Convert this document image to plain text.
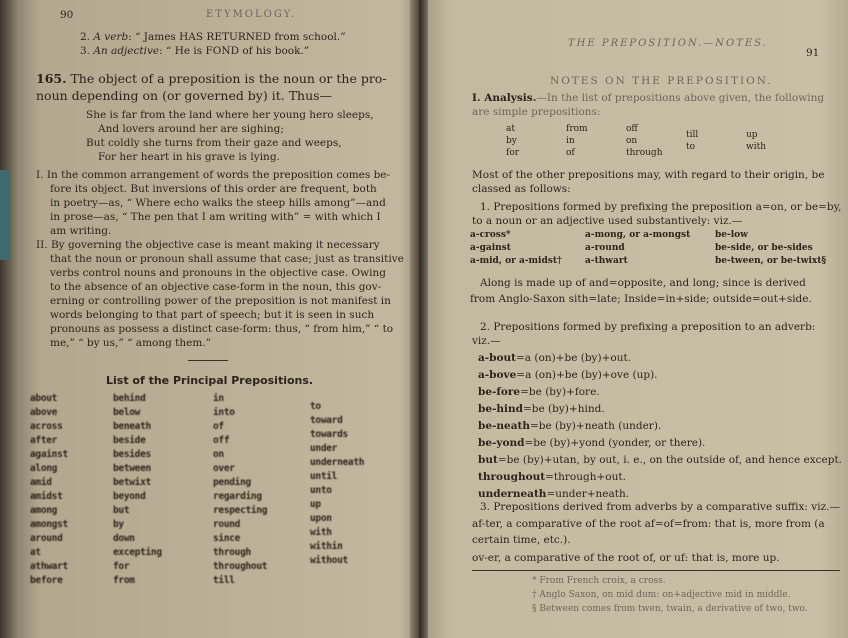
90	ETYMOLOGY.
2. A verb: “ James HAS RETURNED from school.”
3. An adjective: “ He is FOND of his book.”
165. The object of a preposition is the noun or the pro-
noun depending on (or governed by) it. Thus—
She is far from the land where her young hero sleeps,
And lovers around her are sighing;
But coldly she turns from their gaze and weeps,
For her heart in his grave is lying.
I. In the common arrangement of words the preposition comes be-
fore its object. But inversions of this order are frequent, both
in poetry—as, “ Where echo walks the steep hills among”—and
in prose—as, “ The pen that I am writing with” = with which I
am writing.
II. By governing the objective case is meant making it necessary
that the noun or pronoun shall assume that case; just as transitive
verbs control nouns and pronouns in the objective case. Owing
to the absence of an objective case-form in the noun, this gov-
erning or controlling power of the preposition is not manifest in
words belonging to that part of speech; but it is seen in such
pronouns as possess a distinct case-form: thus, “ from him,” “ to
me,” “ by us,” “ among them.”
List of the Principal Prepositions.
about
above
across
after
against
along
amid
amidst
among
amongst
around
at
athwart
before
behind
below
beneath
beside
besides
between
betwixt
beyond
but
by
down
excepting
for
from
in
into
of
off
on
over
pending
regarding
respecting
round
since
through
throughout
till
to
toward
towards
under
underneath
until
unto
up
upon
with
within
without
THE PREPOSITION.—NOTES.
91
NOTES ON THE PREPOSITION.
I. Analysis.—In the list of prepositions above given, the following
are simple prepositions:
at
by
for
from
in
of
off
on
through
till
to
up
with
Most of the other prepositions may, with regard to their origin, be
classed as follows:
1. Prepositions formed by prefixing the preposition a=on, or be=by,
to a noun or an adjective used substantively: viz.—
a-cross*
a-gainst
a-mid, or a-midst†
a-mong, or a-mongst
a-round
a-thwart
be-low
be-side, or be-sides
be-tween, or be-twixt§
Along is made up of and=opposite, and long; since is derived
from Anglo-Saxon sith=late; Inside=in+side; outside=out+side.
2. Prepositions formed by prefixing a preposition to an adverb:
viz.—
a-bout=a (on)+be (by)+out.
a-bove=a (on)+be (by)+ove (up).
be-fore=be (by)+fore.
be-hind=be (by)+hind.
be-neath=be (by)+neath (under).
be-yond=be (by)+yond (yonder, or there).
but=be (by)+utan, by out, i. e., on the outside of, and hence except.
throughout=through+out.
underneath=under+neath.
3. Prepositions derived from adverbs by a comparative suffix: viz.—
af-ter, a comparative of the root af=of=from: that is, more from (a
certain time, etc.).
ov-er, a comparative of the root of, or uf: that is, more up.
* From French croix, a cross.
† Anglo Saxon, on mid dum: on+adjective mid in middle.
§ Between comes from twen, twain, a derivative of two, two.
